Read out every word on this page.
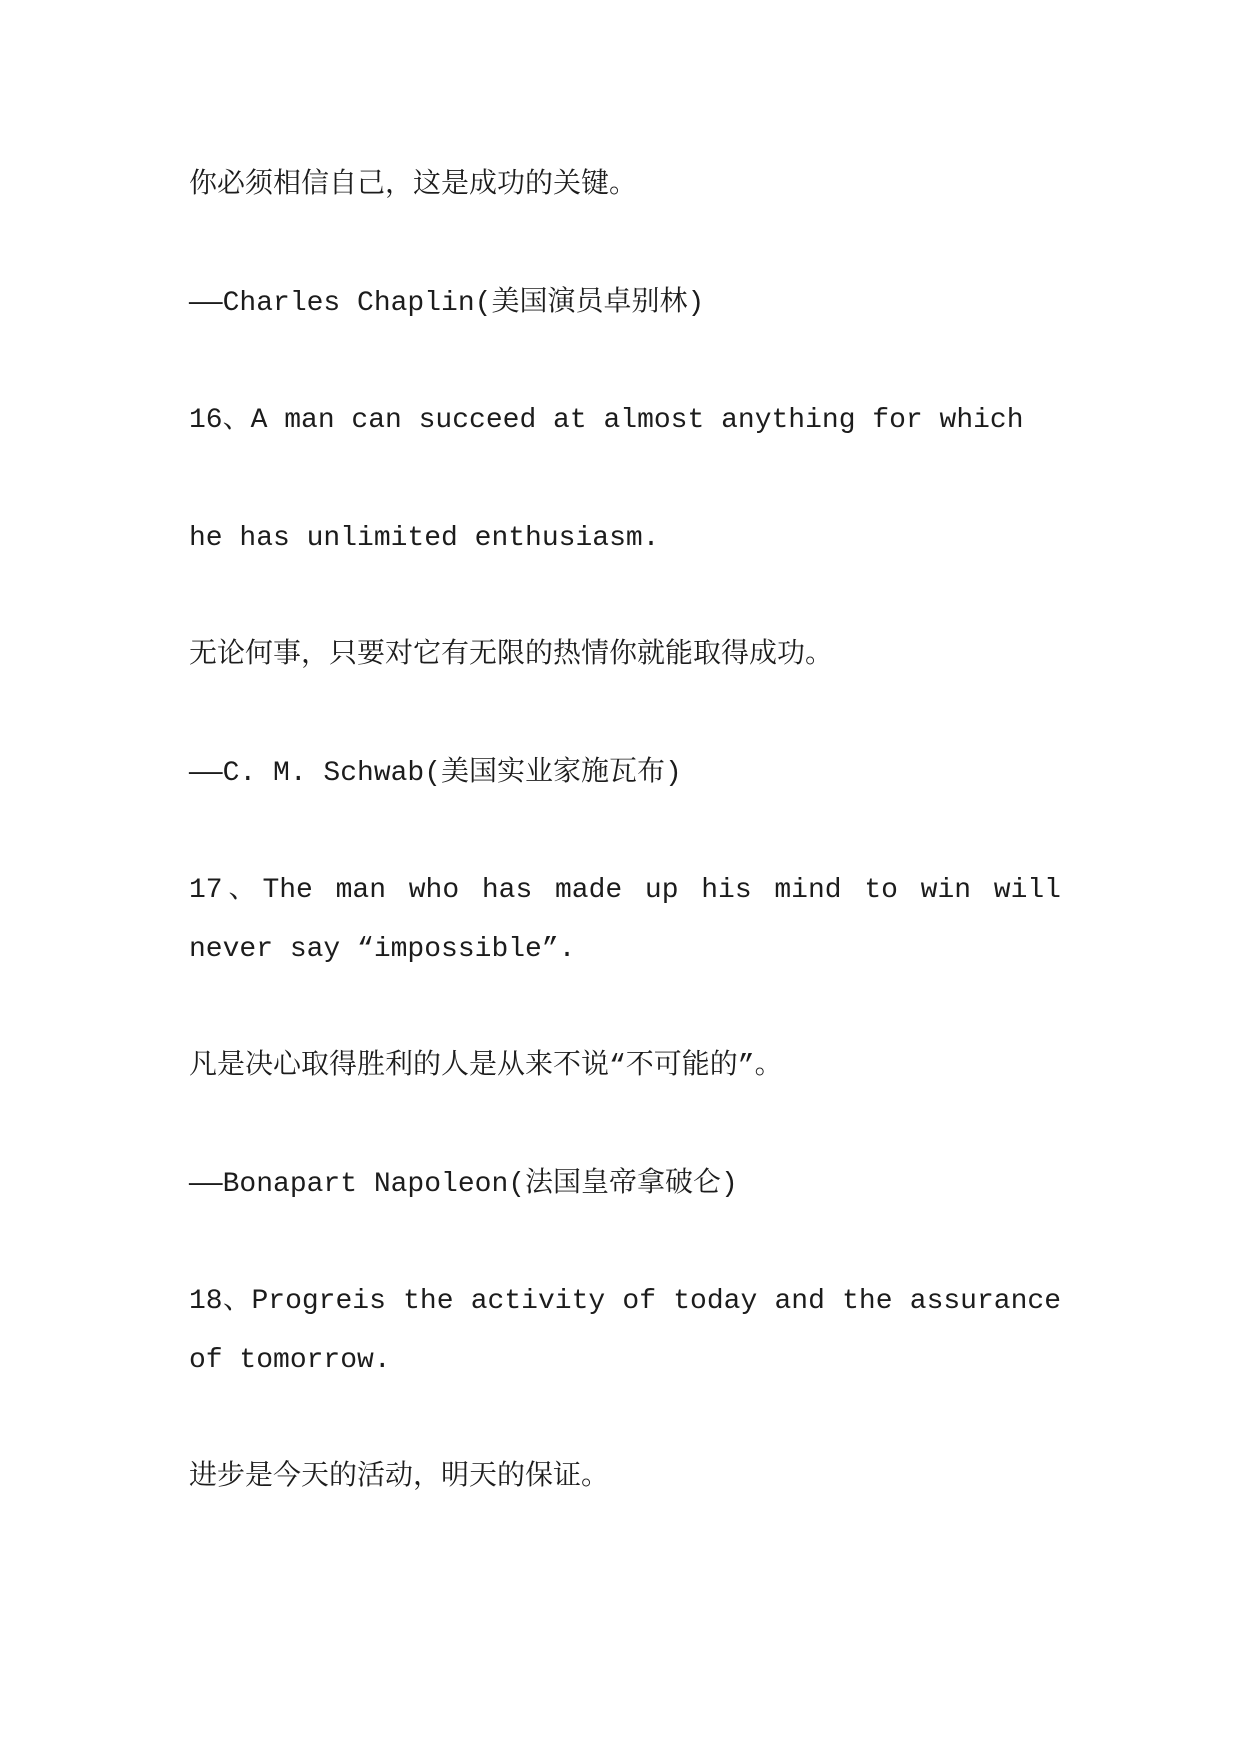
你必须相信自己，这是成功的关键。

——Charles Chaplin(美国演员卓别林)

16、A man can succeed at almost anything for which

he has unlimited enthusiasm.

无论何事，只要对它有无限的热情你就能取得成功。

——C. M. Schwab(美国实业家施瓦布)

17、The man who has made up his mind to win will
never say “impossible”.

凡是决心取得胜利的人是从来不说“不可能的”。

——Bonapart Napoleon(法国皇帝拿破仑)

18、Progreis the activity of today and the assurance
of tomorrow.

进步是今天的活动，明天的保证。
